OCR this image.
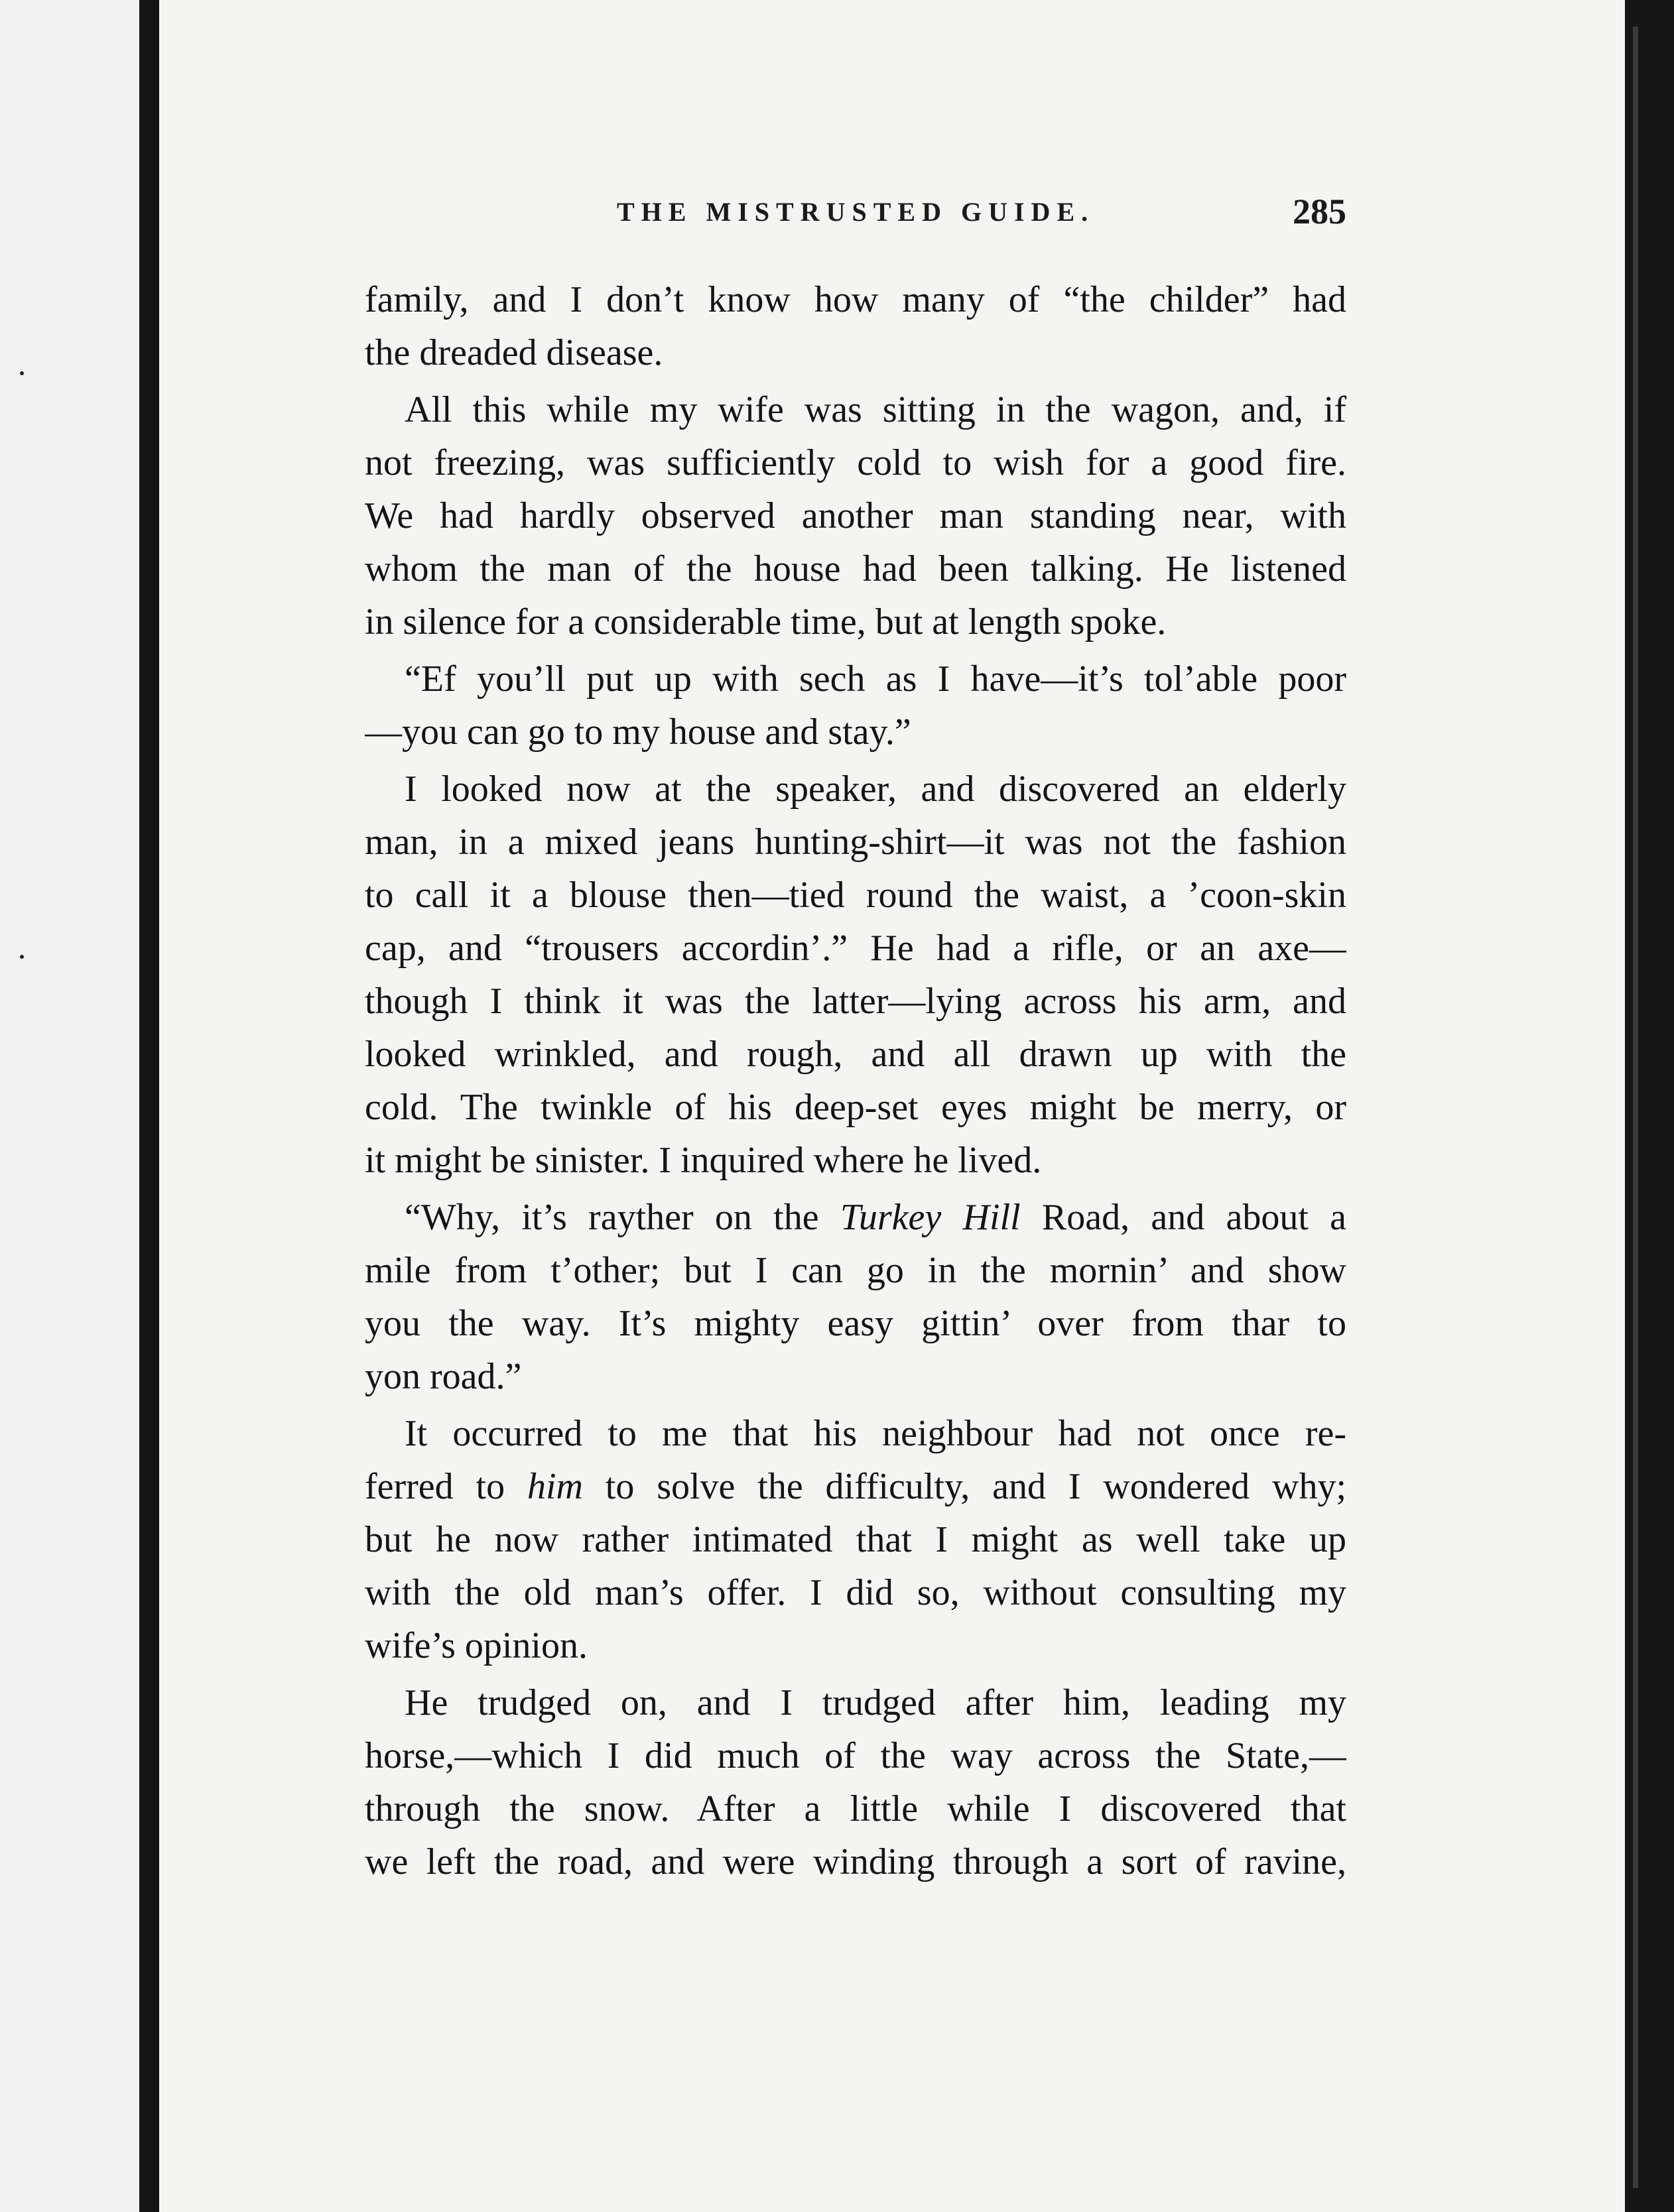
THE MISTRUSTED GUIDE.	285
family, and I don’t know how many of “the childer” had
the dreaded disease.
All this while my wife was sitting in the wagon, and, if
not freezing, was sufficiently cold to wish for a good fire.
We had hardly observed another man standing near, with
whom the man of the house had been talking. He listened
in silence for a considerable time, but at length spoke.
“Ef you’ll put up with sech as I have—it’s tol’able poor
—you can go to my house and stay.”
I looked now at the speaker, and discovered an elderly
man, in a mixed jeans hunting-shirt—it was not the fashion
to call it a blouse then—tied round the waist, a ’coon-skin
cap, and “trousers accordin’.” He had a rifle, or an axe—
though I think it was the latter—lying across his arm, and
looked wrinkled, and rough, and all drawn up with the
cold. The twinkle of his deep-set eyes might be merry, or
it might be sinister. I inquired where he lived.
“Why, it’s rayther on the Turkey Hill Road, and about a
mile from t’other; but I can go in the mornin’ and show
you the way. It’s mighty easy gittin’ over from thar to
yon road.”
It occurred to me that his neighbour had not once re-
ferred to him to solve the difficulty, and I wondered why;
but he now rather intimated that I might as well take up
with the old man’s offer. I did so, without consulting my
wife’s opinion.
He trudged on, and I trudged after him, leading my
horse,—which I did much of the way across the State,—
through the snow. After a little while I discovered that
we left the road, and were winding through a sort of ravine,
